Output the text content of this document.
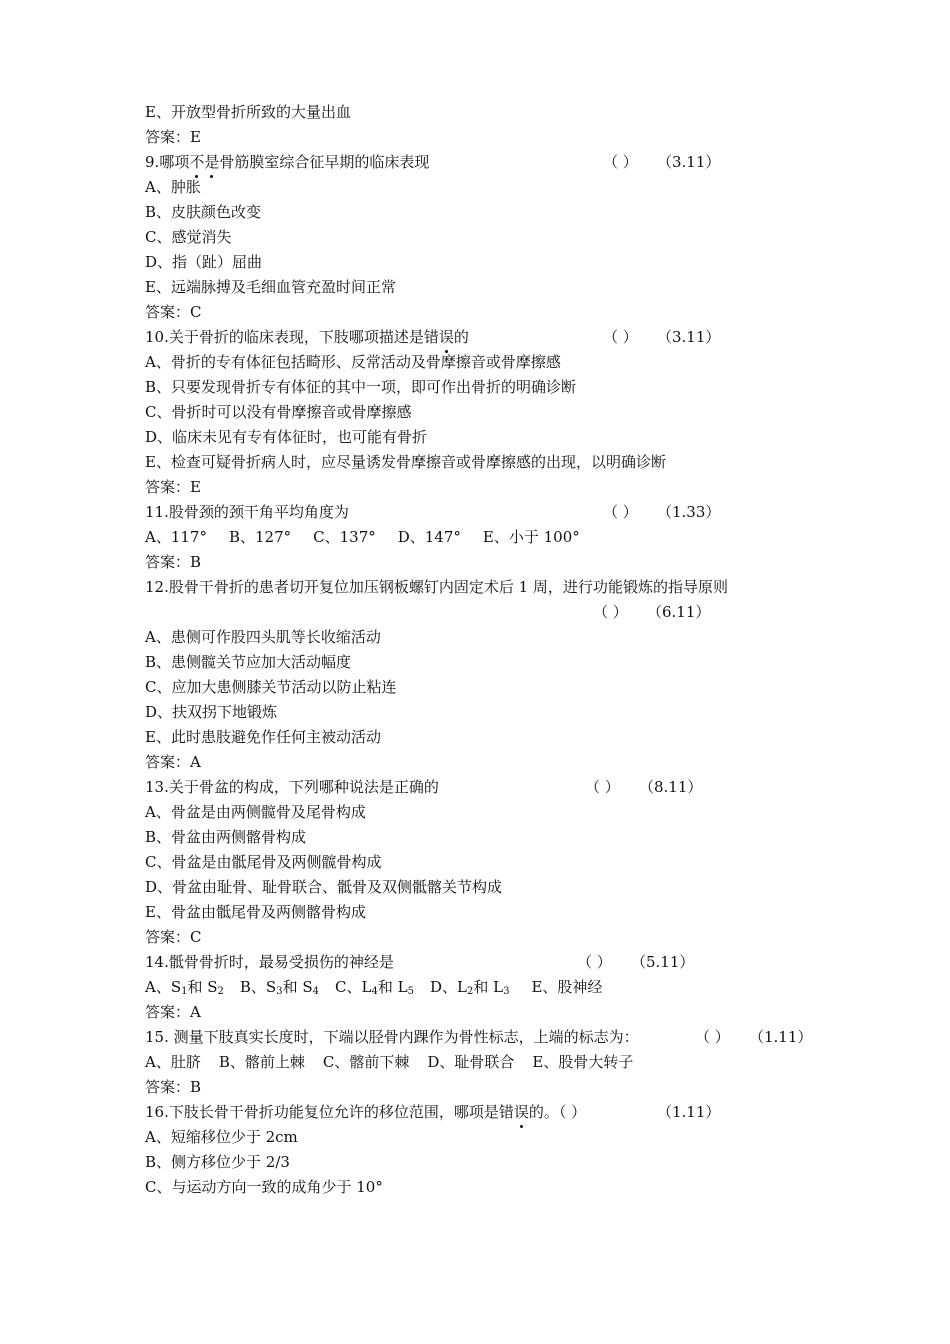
E、开放型骨折所致的大量出血
答案：E
9.哪项不是骨筋膜室综合征早期的临床表现	（ ） （3.11）
A、肿胀
B、皮肤颜色改变
C、感觉消失
D、指（趾）屈曲
E、远端脉搏及毛细血管充盈时间正常
答案：C
10.关于骨折的临床表现，下肢哪项描述是错误的	（ ） （3.11）
A、骨折的专有体征包括畸形、反常活动及骨摩擦音或骨摩擦感
B、只要发现骨折专有体征的其中一项，即可作出骨折的明确诊断
C、骨折时可以没有骨摩擦音或骨摩擦感
D、临床未见有专有体征时，也可能有骨折
E、检查可疑骨折病人时，应尽量诱发骨摩擦音或骨摩擦感的出现，以明确诊断
答案：E
11.股骨颈的颈干角平均角度为	（ ） （1.33）
A、117° B、127° C、137° D、147° E、小于 100°
答案：B
12.股骨干骨折的患者切开复位加压钢板螺钉内固定术后 1 周，进行功能锻炼的指导原则
（ ） （6.11）
A、患侧可作股四头肌等长收缩活动
B、患侧髋关节应加大活动幅度
C、应加大患侧膝关节活动以防止粘连
D、扶双拐下地锻炼
E、此时患肢避免作任何主被动活动
答案：A
13.关于骨盆的构成，下列哪种说法是正确的	（ ） （8.11）
A、骨盆是由两侧髋骨及尾骨构成
B、骨盆由两侧髂骨构成
C、骨盆是由骶尾骨及两侧髋骨构成
D、骨盆由耻骨、耻骨联合、骶骨及双侧骶髂关节构成
E、骨盆由骶尾骨及两侧髂骨构成
答案：C
14.骶骨骨折时，最易受损伤的神经是	（ ） （5.11）
A、$S_1$和 $S_2$ B、$S_3$和 $S_4$ C、$L_4$和 $L_5$ D、$L_2$和 $L_3$ E、股神经
答案：A
15. 测量下肢真实长度时，下端以胫骨内踝作为骨性标志，上端的标志为：	（ ） （1.11）
A、肚脐 B、髂前上棘 C、髂前下棘 D、耻骨联合 E、股骨大转子
答案：B
16.下肢长骨干骨折功能复位允许的移位范围，哪项是错误的。（ ）	（1.11）
A、短缩移位少于 2cm
B、侧方移位少于 2/3
C、与运动方向一致的成角少于 10°
